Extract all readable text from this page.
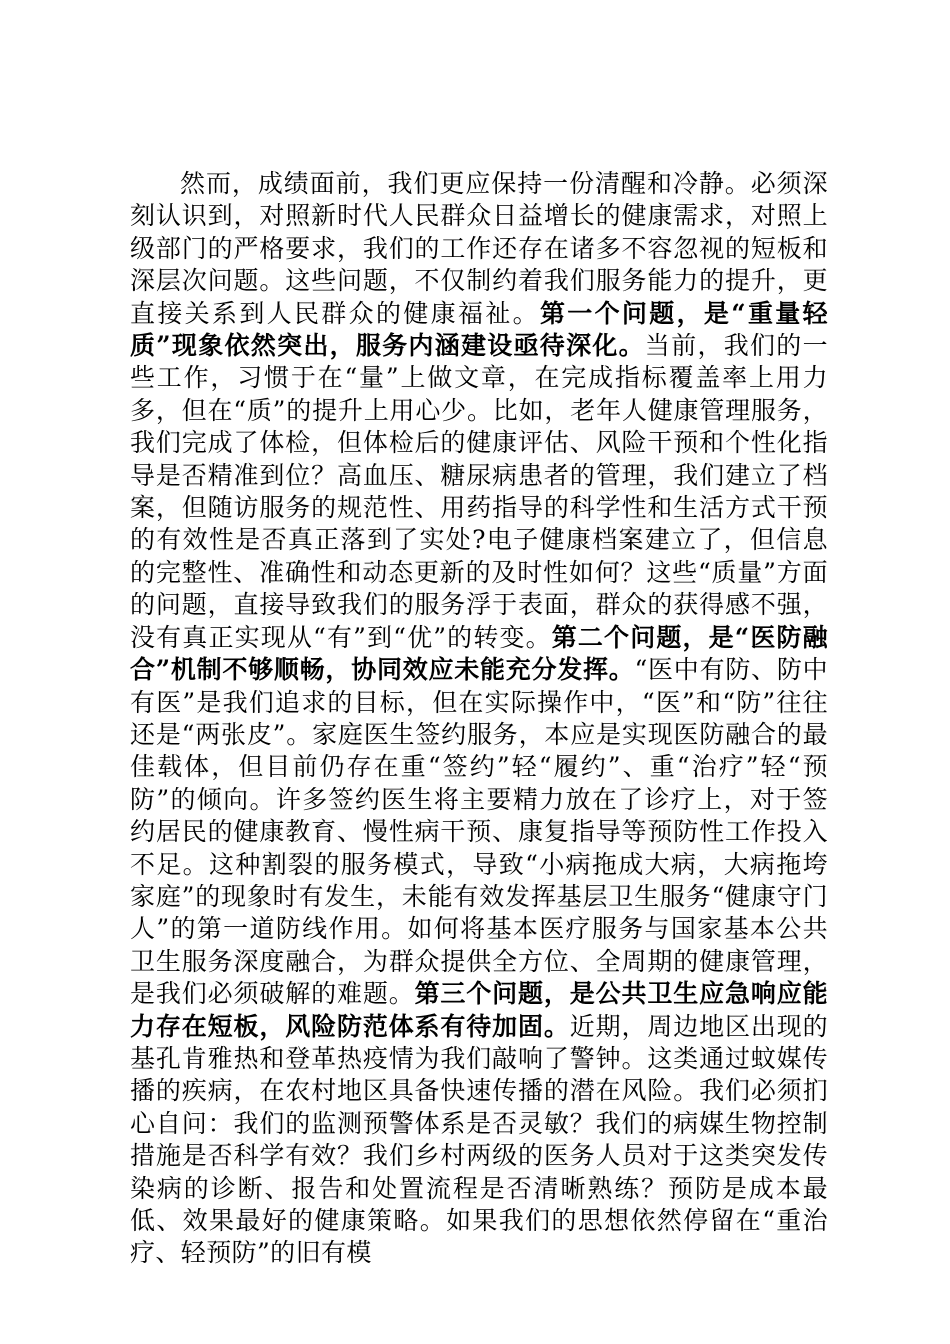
然而，成绩面前，我们更应保持一份清醒和冷静。必须深刻认识到，对照新时代人民群众日益增长的健康需求，对照上级部门的严格要求，我们的工作还存在诸多不容忽视的短板和深层次问题。这些问题，不仅制约着我们服务能力的提升，更直接关系到人民群众的健康福祉。第一个问题，是“重量轻质”现象依然突出，服务内涵建设亟待深化。当前，我们的一些工作，习惯于在“量”上做文章，在完成指标覆盖率上用力多，但在“质”的提升上用心少。比如，老年人健康管理服务，我们完成了体检，但体检后的健康评估、风险干预和个性化指导是否精准到位？高血压、糖尿病患者的管理，我们建立了档案，但随访服务的规范性、用药指导的科学性和生活方式干预的有效性是否真正落到了实处?电子健康档案建立了，但信息的完整性、准确性和动态更新的及时性如何？这些“质量”方面的问题，直接导致我们的服务浮于表面，群众的获得感不强，没有真正实现从“有”到“优”的转变。第二个问题，是“医防融合”机制不够顺畅，协同效应未能充分发挥。“医中有防、防中有医”是我们追求的目标，但在实际操作中，“医”和“防”往往还是“两张皮”。家庭医生签约服务，本应是实现医防融合的最佳载体，但目前仍存在重“签约”轻“履约”、重“治疗”轻“预防”的倾向。许多签约医生将主要精力放在了诊疗上，对于签约居民的健康教育、慢性病干预、康复指导等预防性工作投入不足。这种割裂的服务模式，导致“小病拖成大病，大病拖垮家庭”的现象时有发生，未能有效发挥基层卫生服务“健康守门人”的第一道防线作用。如何将基本医疗服务与国家基本公共卫生服务深度融合，为群众提供全方位、全周期的健康管理，是我们必须破解的难题。第三个问题，是公共卫生应急响应能力存在短板，风险防范体系有待加固。近期，周边地区出现的基孔肯雅热和登革热疫情为我们敲响了警钟。这类通过蚊媒传播的疾病，在农村地区具备快速传播的潜在风险。我们必须扪心自问：我们的监测预警体系是否灵敏？我们的病媒生物控制措施是否科学有效？我们乡村两级的医务人员对于这类突发传染病的诊断、报告和处置流程是否清晰熟练？预防是成本最低、效果最好的健康策略。如果我们的思想依然停留在“重治疗、轻预防”的旧有模
